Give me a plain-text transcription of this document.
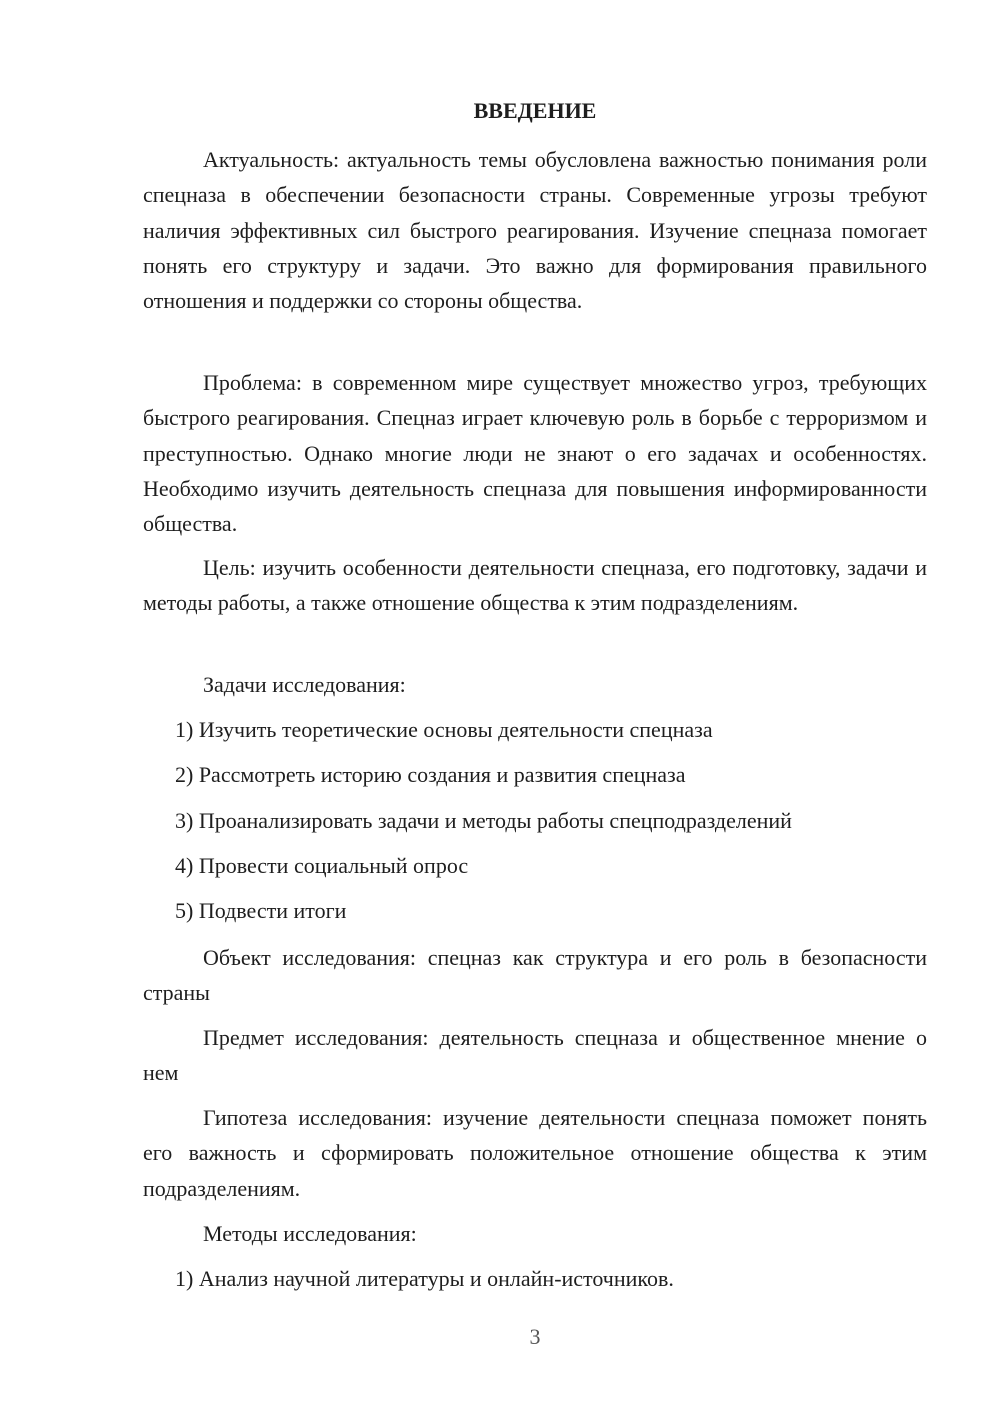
ВВЕДЕНИЕ

Актуальность: актуальность темы обусловлена важностью понимания роли спецназа в обеспечении безопасности страны. Современные угрозы требуют наличия эффективных сил быстрого реагирования. Изучение спецназа помогает понять его структуру и задачи. Это важно для формирования правильного отношения и поддержки со стороны общества.

Проблема: в современном мире существует множество угроз, требующих быстрого реагирования. Спецназ играет ключевую роль в борьбе с терроризмом и преступностью. Однако многие люди не знают о его задачах и особенностях. Необходимо изучить деятельность спецназа для повышения информированности общества.

Цель: изучить особенности деятельности спецназа, его подготовку, задачи и методы работы, а также отношение общества к этим подразделениям.

Задачи исследования:

1) Изучить теоретические основы деятельности спецназа
2) Рассмотреть историю создания и развития спецназа
3) Проанализировать задачи и методы работы спецподразделений
4) Провести социальный опрос
5) Подвести итоги

Объект исследования: спецназ как структура и его роль в безопасности страны

Предмет исследования: деятельность спецназа и общественное мнение о нем

Гипотеза исследования: изучение деятельности спецназа поможет понять его важность и сформировать положительное отношение общества к этим подразделениям.

Методы исследования:

1) Анализ научной литературы и онлайн-источников.
3
